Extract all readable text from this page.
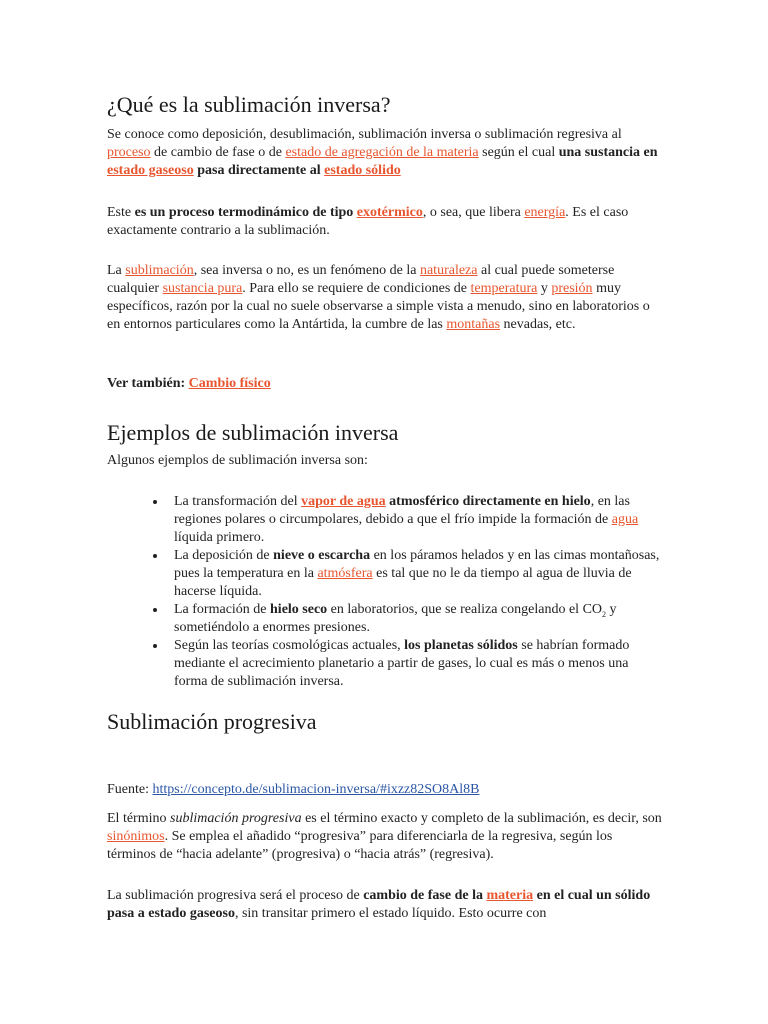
¿Qué es la sublimación inversa?

Se conoce como deposición, desublimación, sublimación inversa o sublimación regresiva al proceso de cambio de fase o de estado de agregación de la materia según el cual una sustancia en estado gaseoso pasa directamente al estado sólido

Este es un proceso termodinámico de tipo exotérmico, o sea, que libera energía. Es el caso exactamente contrario a la sublimación.

La sublimación, sea inversa o no, es un fenómeno de la naturaleza al cual puede someterse cualquier sustancia pura. Para ello se requiere de condiciones de temperatura y presión muy específicos, razón por la cual no suele observarse a simple vista a menudo, sino en laboratorios o en entornos particulares como la Antártida, la cumbre de las montañas nevadas, etc.

Ver también: Cambio físico

Ejemplos de sublimación inversa

Algunos ejemplos de sublimación inversa son:

La transformación del vapor de agua atmosférico directamente en hielo, en las regiones polares o circumpolares, debido a que el frío impide la formación de agua líquida primero.
La deposición de nieve o escarcha en los páramos helados y en las cimas montañosas, pues la temperatura en la atmósfera es tal que no le da tiempo al agua de lluvia de hacerse líquida.
La formación de hielo seco en laboratorios, que se realiza congelando el $CO_2$ y sometiéndolo a enormes presiones.
Según las teorías cosmológicas actuales, los planetas sólidos se habrían formado mediante el acrecimiento planetario a partir de gases, lo cual es más o menos una forma de sublimación inversa.
Sublimación progresiva

Fuente: https://concepto.de/sublimacion-inversa/#ixzz82SO8Al8B

El término sublimación progresiva es el término exacto y completo de la sublimación, es decir, son sinónimos. Se emplea el añadido “progresiva” para diferenciarla de la regresiva, según los términos de “hacia adelante” (progresiva) o “hacia atrás” (regresiva).

La sublimación progresiva será el proceso de cambio de fase de la materia en el cual un sólido pasa a estado gaseoso, sin transitar primero el estado líquido. Esto ocurre con
